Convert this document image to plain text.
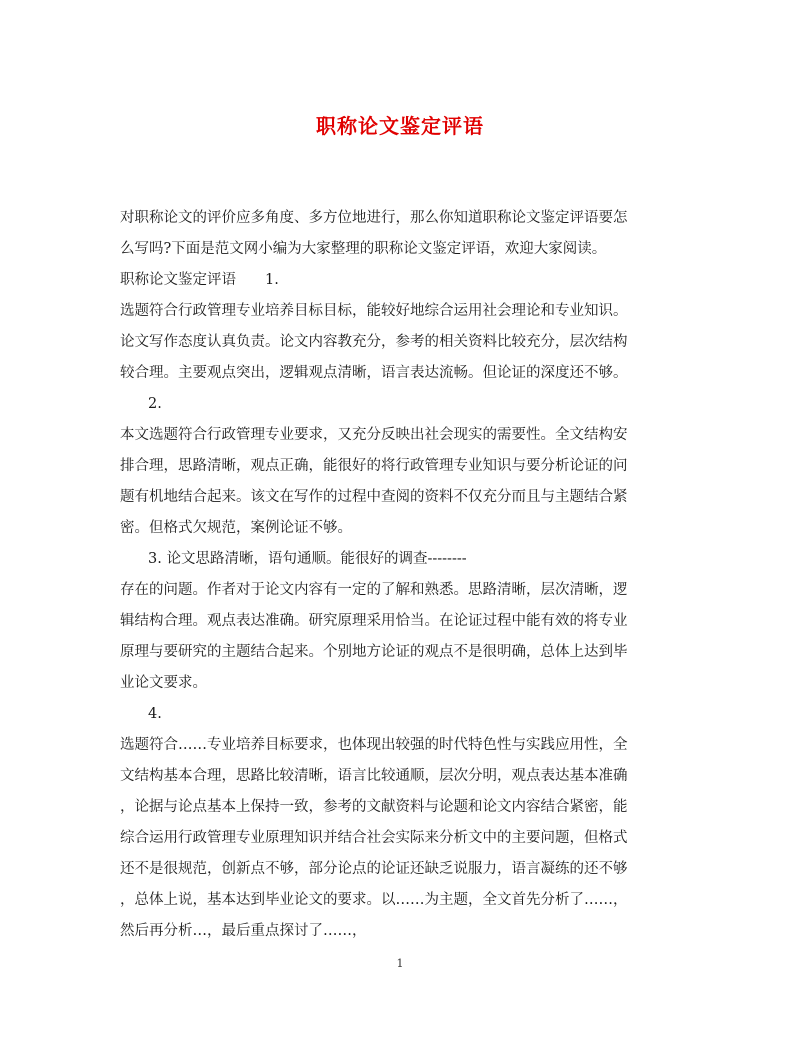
职称论文鉴定评语
对职称论文的评价应多角度、多方位地进行，那么你知道职称论文鉴定评语要怎
么写吗?下面是范文网小编为大家整理的职称论文鉴定评语，欢迎大家阅读。
职称论文鉴定评语　　1.
选题符合行政管理专业培养目标目标，能较好地综合运用社会理论和专业知识。
论文写作态度认真负责。论文内容教充分，参考的相关资料比较充分，层次结构
较合理。主要观点突出，逻辑观点清晰，语言表达流畅。但论证的深度还不够。
2.
本文选题符合行政管理专业要求，又充分反映出社会现实的需要性。全文结构安
排合理，思路清晰，观点正确，能很好的将行政管理专业知识与要分析论证的问
题有机地结合起来。该文在写作的过程中查阅的资料不仅充分而且与主题结合紧
密。但格式欠规范，案例论证不够。
3. 论文思路清晰，语句通顺。能很好的调查--------
存在的问题。作者对于论文内容有一定的了解和熟悉。思路清晰，层次清晰，逻
辑结构合理。观点表达准确。研究原理采用恰当。在论证过程中能有效的将专业
原理与要研究的主题结合起来。个别地方论证的观点不是很明确，总体上达到毕
业论文要求。
4.
选题符合……专业培养目标要求，也体现出较强的时代特色性与实践应用性，全
文结构基本合理，思路比较清晰，语言比较通顺，层次分明，观点表达基本准确
，论据与论点基本上保持一致，参考的文献资料与论题和论文内容结合紧密，能
综合运用行政管理专业原理知识并结合社会实际来分析文中的主要问题，但格式
还不是很规范，创新点不够，部分论点的论证还缺乏说服力，语言凝练的还不够
，总体上说，基本达到毕业论文的要求。以……为主题，全文首先分析了……，
然后再分析…，最后重点探讨了……，
1
